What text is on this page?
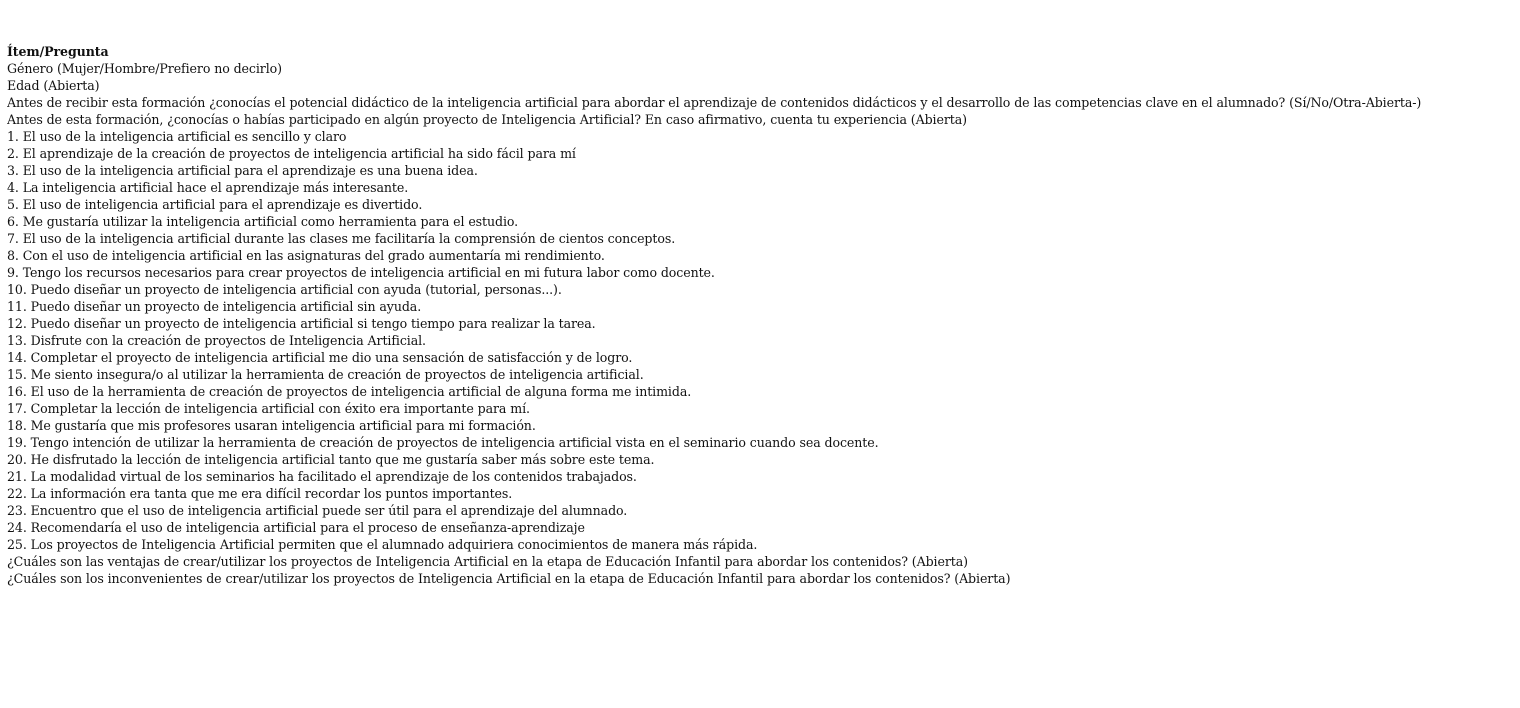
Ítem/Pregunta
Género (Mujer/Hombre/Prefiero no decirlo)
Edad (Abierta)
Antes de recibir esta formación ¿conocías el potencial didáctico de la inteligencia artificial para abordar el aprendizaje de contenidos didácticos y el desarrollo de las competencias clave en el alumnado? (Sí/No/Otra-Abierta-)
Antes de esta formación, ¿conocías o habías participado en algún proyecto de Inteligencia Artificial? En caso afirmativo, cuenta tu experiencia (Abierta)
1. El uso de la inteligencia artificial es sencillo y claro
2. El aprendizaje de la creación de proyectos de inteligencia artificial ha sido fácil para mí
3. El uso de la inteligencia artificial para el aprendizaje es una buena idea.
4. La inteligencia artificial hace el aprendizaje más interesante.
5. El uso de inteligencia artificial para el aprendizaje es divertido.
6. Me gustaría utilizar la inteligencia artificial como herramienta para el estudio.
7. El uso de la inteligencia artificial durante las clases me facilitaría la comprensión de cientos conceptos.
8. Con el uso de inteligencia artificial en las asignaturas del grado aumentaría mi rendimiento.
9. Tengo los recursos necesarios para crear proyectos de inteligencia artificial en mi futura labor como docente.
10. Puedo diseñar un proyecto de inteligencia artificial con ayuda (tutorial, personas...).
11. Puedo diseñar un proyecto de inteligencia artificial sin ayuda.
12. Puedo diseñar un proyecto de inteligencia artificial si tengo tiempo para realizar la tarea.
13. Disfrute con la creación de proyectos de Inteligencia Artificial.
14. Completar el proyecto de inteligencia artificial me dio una sensación de satisfacción y de logro.
15. Me siento insegura/o al utilizar la herramienta de creación de proyectos de inteligencia artificial.
16. El uso de la herramienta de creación de proyectos de inteligencia artificial de alguna forma me intimida.
17. Completar la lección de inteligencia artificial con éxito era importante para mí.
18. Me gustaría que mis profesores usaran inteligencia artificial para mi formación.
19. Tengo intención de utilizar la herramienta de creación de proyectos de inteligencia artificial vista en el seminario cuando sea docente.
20. He disfrutado la lección de inteligencia artificial tanto que me gustaría saber más sobre este tema.
21. La modalidad virtual de los seminarios ha facilitado el aprendizaje de los contenidos trabajados.
22. La información era tanta que me era difícil recordar los puntos importantes.
23. Encuentro que el uso de inteligencia artificial puede ser útil para el aprendizaje del alumnado.
24. Recomendaría el uso de inteligencia artificial para el proceso de enseñanza-aprendizaje
25. Los proyectos de Inteligencia Artificial permiten que el alumnado adquiriera conocimientos de manera más rápida.
¿Cuáles son las ventajas de crear/utilizar los proyectos de Inteligencia Artificial en la etapa de Educación Infantil para abordar los contenidos? (Abierta)
¿Cuáles son los inconvenientes de crear/utilizar los proyectos de Inteligencia Artificial en la etapa de Educación Infantil para abordar los contenidos? (Abierta)
